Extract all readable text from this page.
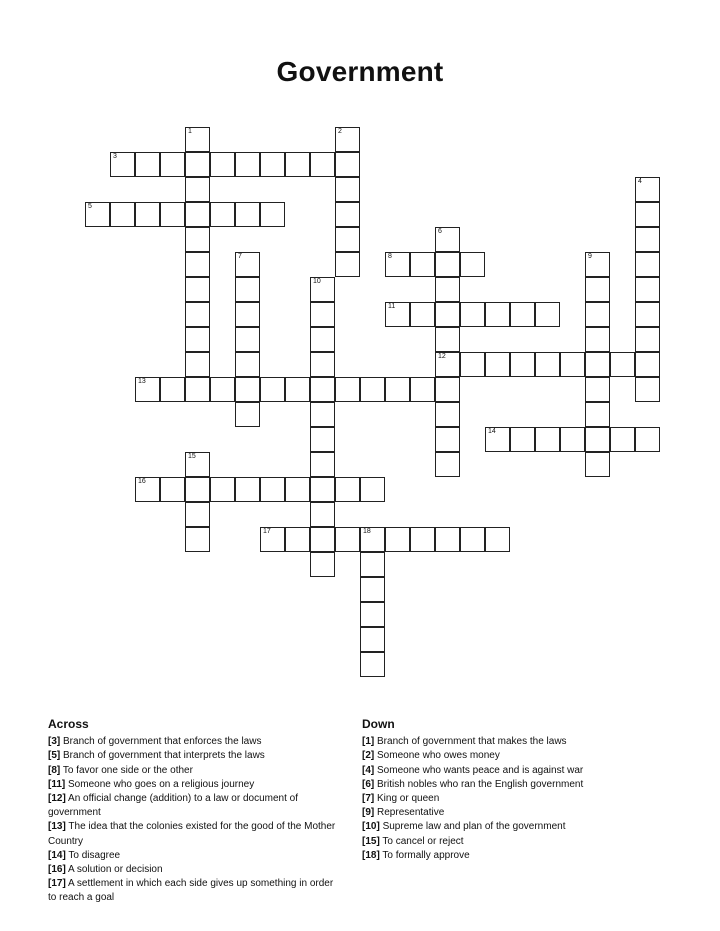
Government
1	2
3
4
5
6
12
7	8	9
10
11
13
14
15
16
17	18
Across

[3] Branch of government that enforces the laws

[5] Branch of government that interprets the laws

[8] To favor one side or the other

[11] Someone who goes on a religious journey

[12] An official change (addition) to a law or document of government

[13] The idea that the colonies existed for the good of the Mother Country

[14] To disagree

[16] A solution or decision

[17] A settlement in which each side gives up something in order to reach a goal

Down

[1] Branch of government that makes the laws

[2] Someone who owes money

[4] Someone who wants peace and is against war

[6] British nobles who ran the English government

[7] King or queen

[9] Representative

[10] Supreme law and plan of the government

[15] To cancel or reject

[18] To formally approve
